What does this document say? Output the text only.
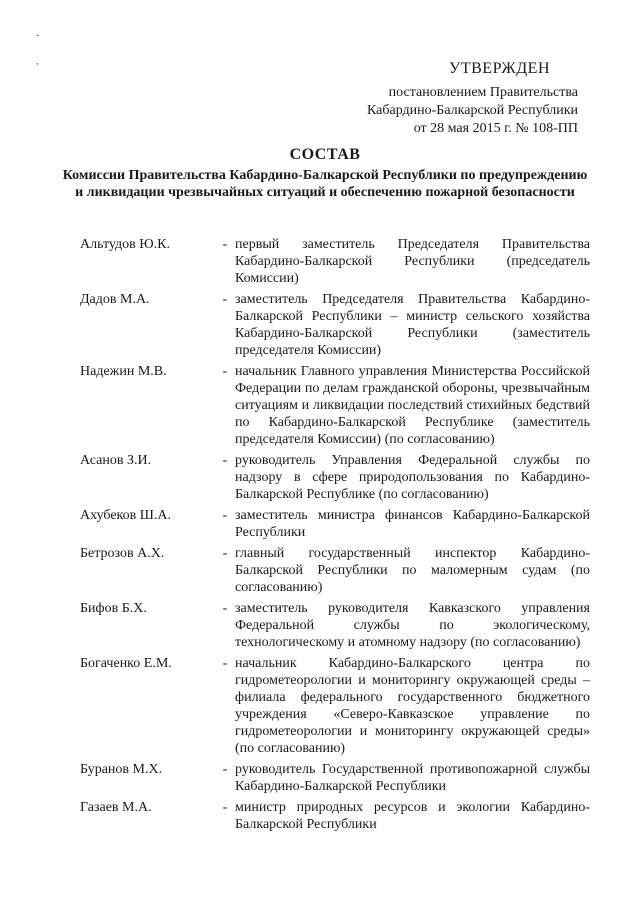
-
,	УТВЕРЖДЕН
постановлением Правительства
Кабардино-Балкарской Республики
от 28 мая 2015 г. № 108-ПП
СОСТАВ
Комиссии Правительства Кабардино-Балкарской Республики по предупреждению и ликвидации чрезвычайных ситуаций и обеспечению пожарной безопасности
Альтудов Ю.К.	- первый заместитель Председателя Правительства Кабардино-Балкарской Республики (председатель Комиссии)
Дадов М.А.	- заместитель Председателя Правительства Кабардино-Балкарской Республики – министр сельского хозяйства Кабардино-Балкарской Республики (заместитель председателя Комиссии)
Надежин М.В.	- начальник Главного управления Министерства Российской Федерации по делам гражданской обороны, чрезвычайным ситуациям и ликвидации последствий стихийных бедствий по Кабардино-Балкарской Республике (заместитель председателя Комиссии) (по согласованию)
Асанов З.И.	- руководитель Управления Федеральной службы по надзору в сфере природопользования по Кабардино-Балкарской Республике (по согласованию)
Ахубеков Ш.А.	- заместитель министра финансов Кабардино-Балкарской Республики
Бетрозов А.Х.	- главный государственный инспектор Кабардино-Балкарской Республики по маломерным судам (по согласованию)
Бифов Б.Х.	- заместитель руководителя Кавказского управления Федеральной службы по экологическому, технологическому и атомному надзору (по согласованию)
Богаченко Е.М.	- начальник Кабардино-Балкарского центра по гидрометеорологии и мониторингу окружающей среды – филиала федерального государственного бюджетного учреждения «Северо-Кавказское управление по гидрометеорологии и мониторингу окружающей среды» (по согласованию)
Буранов М.Х.	- руководитель Государственной противопожарной службы Кабардино-Балкарской Республики
Газаев М.А.	- министр природных ресурсов и экологии Кабардино-Балкарской Республики
